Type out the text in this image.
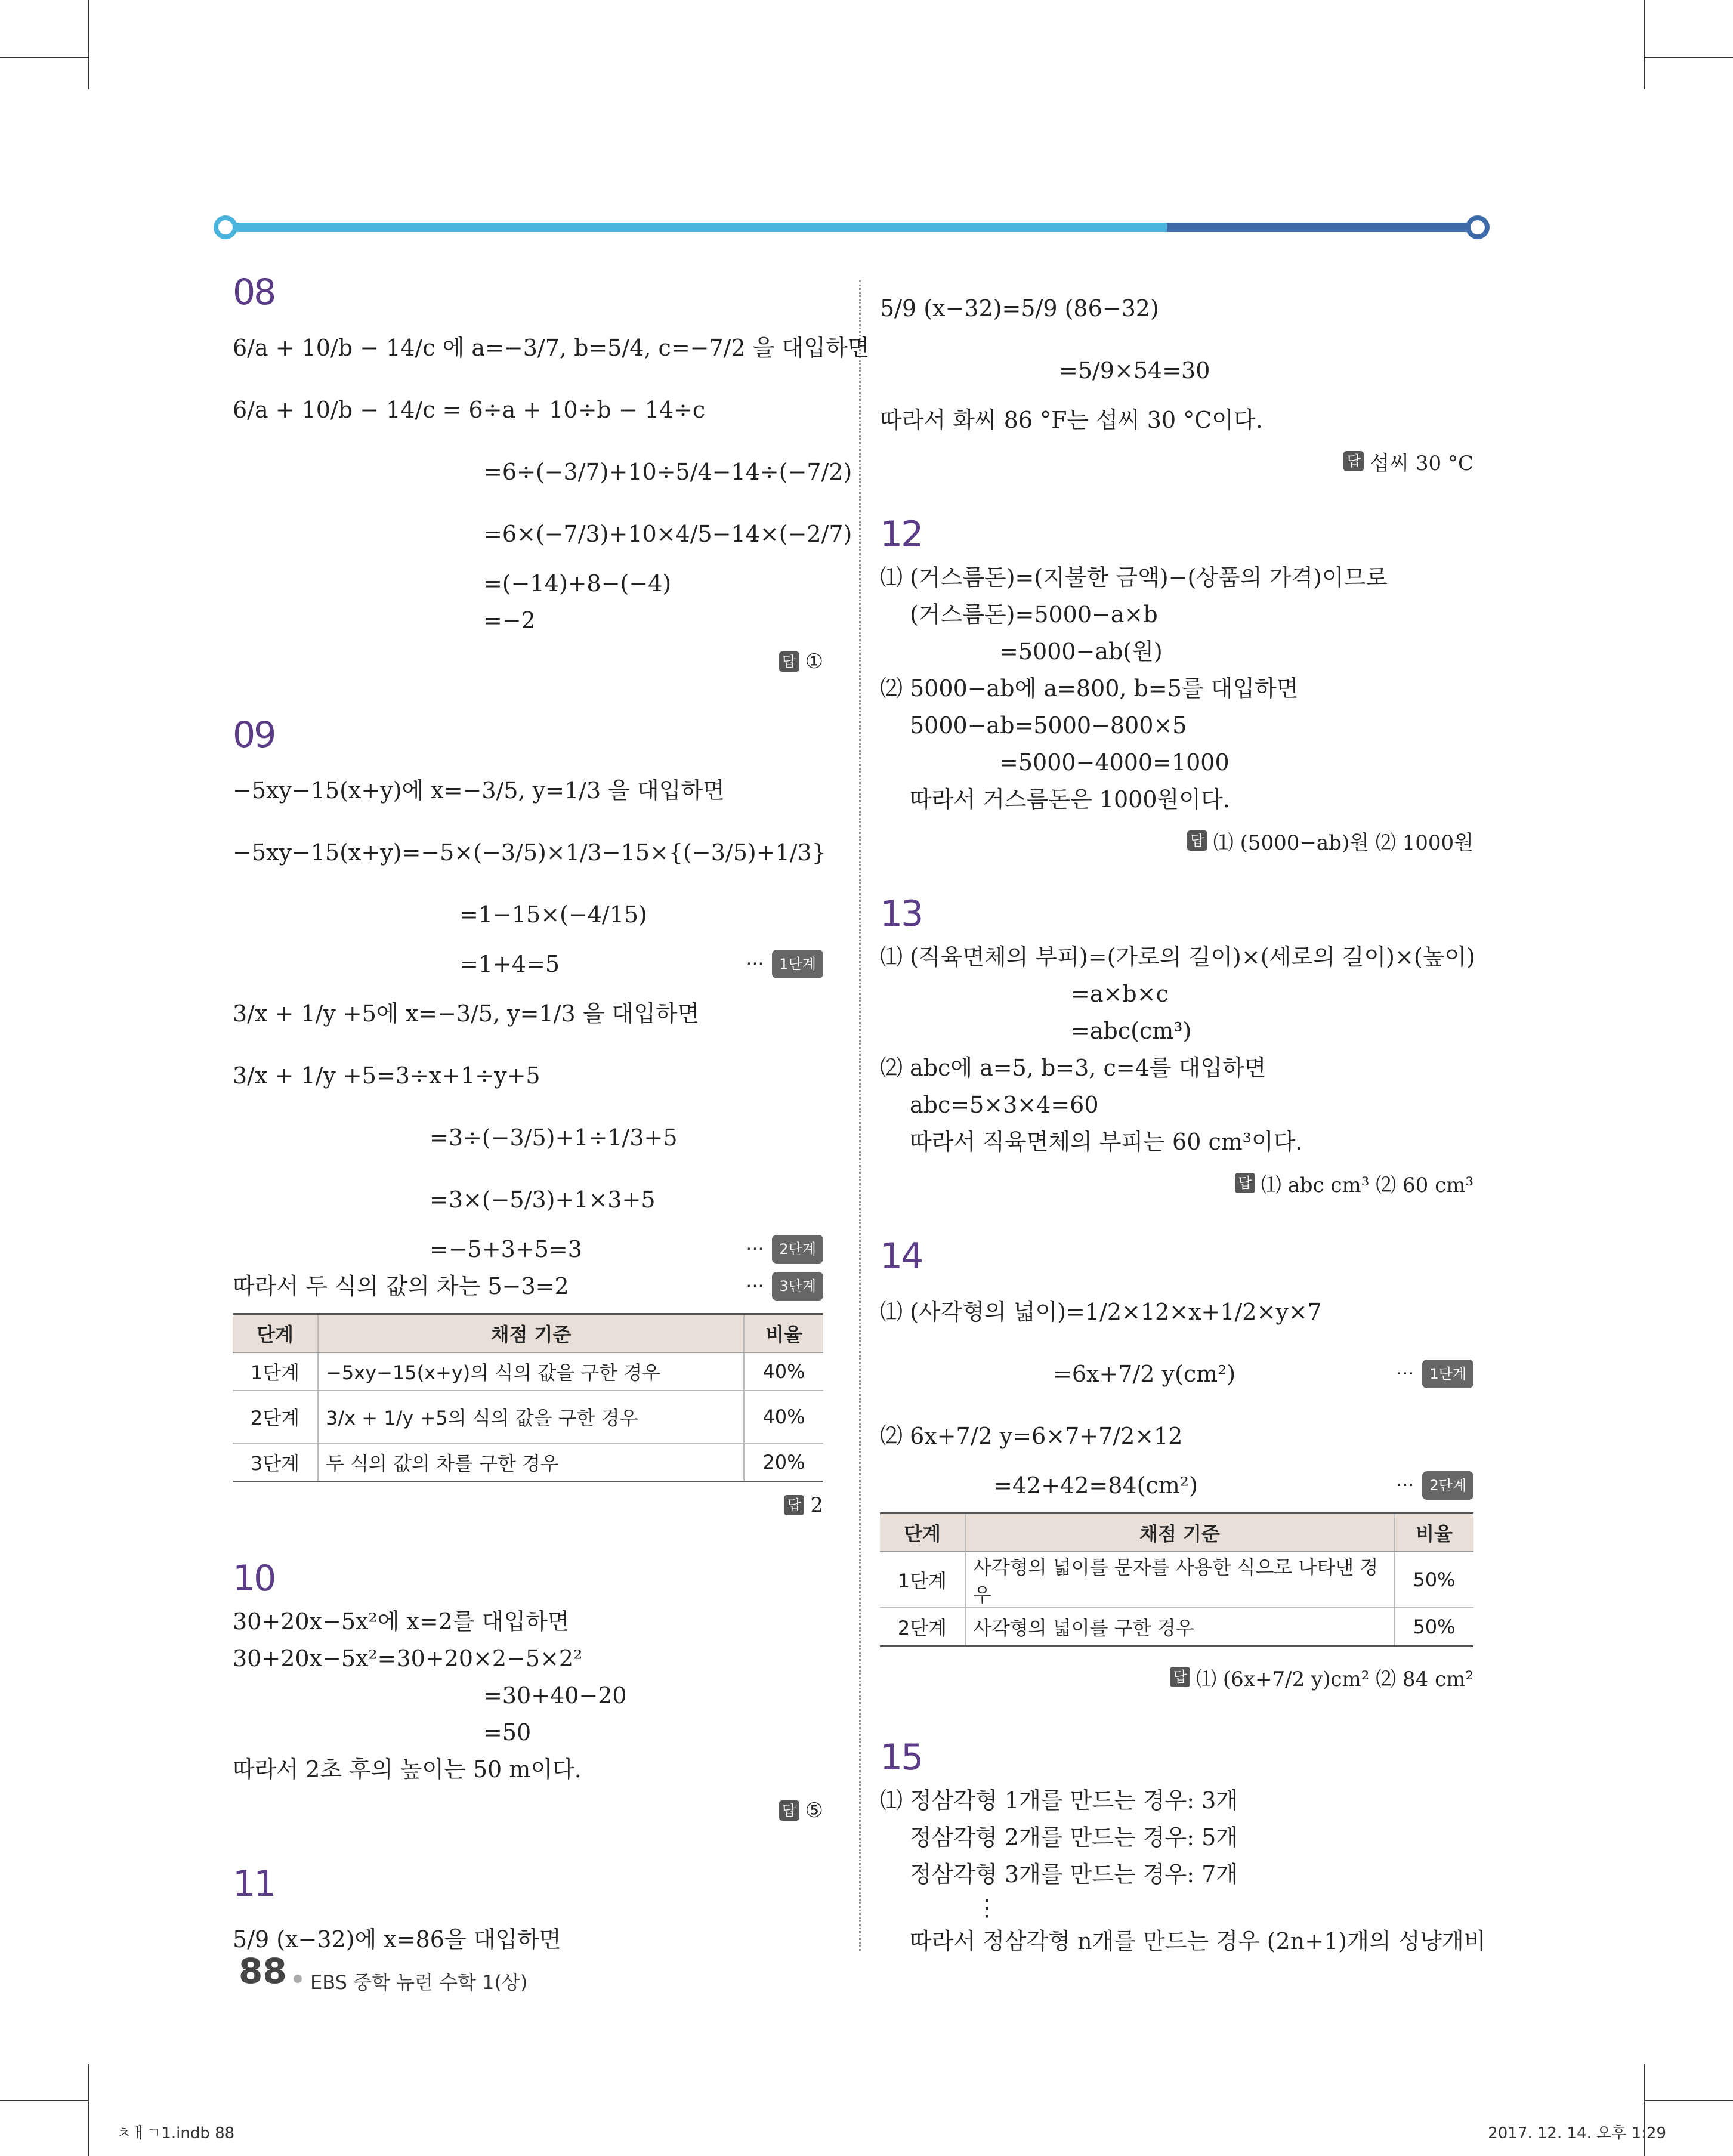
08
6/a + 10/b − 14/c 에 a=−3/7, b=5/4, c=−7/2 을 대입하면
6/a + 10/b − 14/c = 6÷a + 10÷b − 14÷c
=6÷(−3/7)+10÷5/4−14÷(−7/2)
=6×(−7/3)+10×4/5−14×(−2/7)
=(−14)+8−(−4)
=−2
답 ①
09
−5xy−15(x+y)에 x=−3/5, y=1/3 을 대입하면
−5xy−15(x+y)=−5×(−3/5)×1/3−15×{(−3/5)+1/3}
=1−15×(−4/15)
=1+4=5	⋯	1단계
3/x + 1/y +5에 x=−3/5, y=1/3 을 대입하면
3/x + 1/y +5=3÷x+1÷y+5
=3÷(−3/5)+1÷1/3+5
=3×(−5/3)+1×3+5
=−5+3+5=3	⋯	2단계
따라서 두 식의 값의 차는 5−3=2	⋯	3단계
단계	채점 기준	비율
1단계	−5xy−15(x+y)의 식의 값을 구한 경우	40%
2단계	3/x + 1/y +5의 식의 값을 구한 경우	40%
3단계	두 식의 값의 차를 구한 경우	20%
답 2
10
30+20x−5x²에 x=2를 대입하면
30+20x−5x²=30+20×2−5×2²
=30+40−20
=50
따라서 2초 후의 높이는 50 m이다.
답 ⑤
11
5/9 (x−32)에 x=86을 대입하면
5/9 (x−32)=5/9 (86−32)
=5/9×54=30
따라서 화씨 86 °F는 섭씨 30 °C이다.
답 섭씨 30 °C
12
⑴ (거스름돈)=(지불한 금액)−(상품의 가격)이므로
(거스름돈)=5000−a×b
=5000−ab(원)
⑵ 5000−ab에 a=800, b=5를 대입하면
5000−ab=5000−800×5
=5000−4000=1000
따라서 거스름돈은 1000원이다.
답 ⑴ (5000−ab)원 ⑵ 1000원
13
⑴ (직육면체의 부피)=(가로의 길이)×(세로의 길이)×(높이)
=a×b×c
=abc(cm³)
⑵ abc에 a=5, b=3, c=4를 대입하면
abc=5×3×4=60
따라서 직육면체의 부피는 60 cm³이다.
답 ⑴ abc cm³ ⑵ 60 cm³
14
⑴ (사각형의 넓이)=1/2×12×x+1/2×y×7
=6x+7/2 y(cm²)	⋯	1단계
⑵ 6x+7/2 y=6×7+7/2×12
=42+42=84(cm²)	⋯	2단계
단계	채점 기준	비율
1단계	사각형의 넓이를 문자를 사용한 식으로 나타낸 경우	50%
2단계	사각형의 넓이를 구한 경우	50%
답 ⑴ (6x+7/2 y)cm² ⑵ 84 cm²
15
⑴ 정삼각형 1개를 만드는 경우: 3개
정삼각형 2개를 만드는 경우: 5개
정삼각형 3개를 만드는 경우: 7개
⋮
따라서 정삼각형 n개를 만드는 경우 (2n+1)개의 성냥개비
88 EBS 중학 뉴런 수학 1(상)
ㅊㅐㄱ1.indb 88	2017. 12. 14. 오후 1:29
